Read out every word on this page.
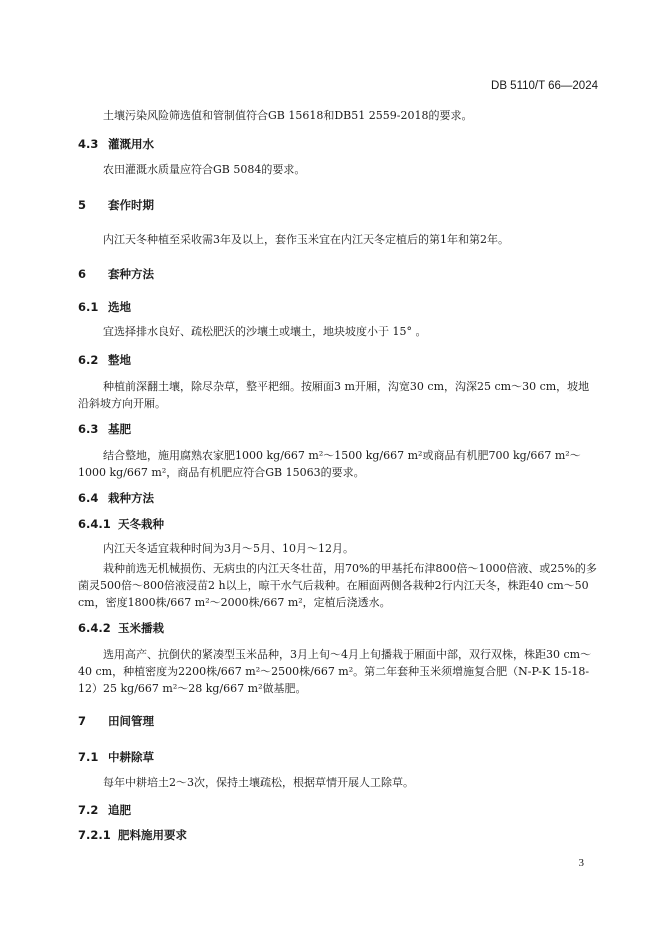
DB 5110/T 66—2024
土壤污染风险筛选值和管制值符合GB 15618和DB51 2559-2018的要求。
4.3 灌溉用水
农田灌溉水质量应符合GB 5084的要求。
5 套作时期
内江天冬种植至采收需3年及以上，套作玉米宜在内江天冬定植后的第1年和第2年。
6 套种方法
6.1 选地
宜选择排水良好、疏松肥沃的沙壤土或壤土，地块坡度小于 15° 。
6.2 整地
种植前深翻土壤，除尽杂草，整平耙细。按厢面3 m开厢，沟宽30 cm，沟深25 cm～30 cm，坡地沿斜坡方向开厢。
6.3 基肥
结合整地，施用腐熟农家肥1000 kg/667 m²～1500 kg/667 m²或商品有机肥700 kg/667 m²～1000 kg/667 m²，商品有机肥应符合GB 15063的要求。
6.4 栽种方法
6.4.1 天冬栽种
内江天冬适宜栽种时间为3月～5月、10月～12月。
栽种前选无机械损伤、无病虫的内江天冬壮苗，用70%的甲基托布津800倍～1000倍液、或25%的多菌灵500倍～800倍液浸苗2 h以上，晾干水气后栽种。在厢面两侧各栽种2行内江天冬，株距40 cm～50 cm，密度1800株/667 m²～2000株/667 m²，定植后浇透水。
6.4.2 玉米播栽
选用高产、抗倒伏的紧凑型玉米品种，3月上旬～4月上旬播栽于厢面中部，双行双株，株距30 cm～40 cm，种植密度为2200株/667 m²～2500株/667 m²。第二年套种玉米须增施复合肥（N-P-K 15-18-12）25 kg/667 m²～28 kg/667 m²做基肥。
7 田间管理
7.1 中耕除草
每年中耕培土2～3次，保持土壤疏松，根据草情开展人工除草。
7.2 追肥
7.2.1 肥料施用要求
3
